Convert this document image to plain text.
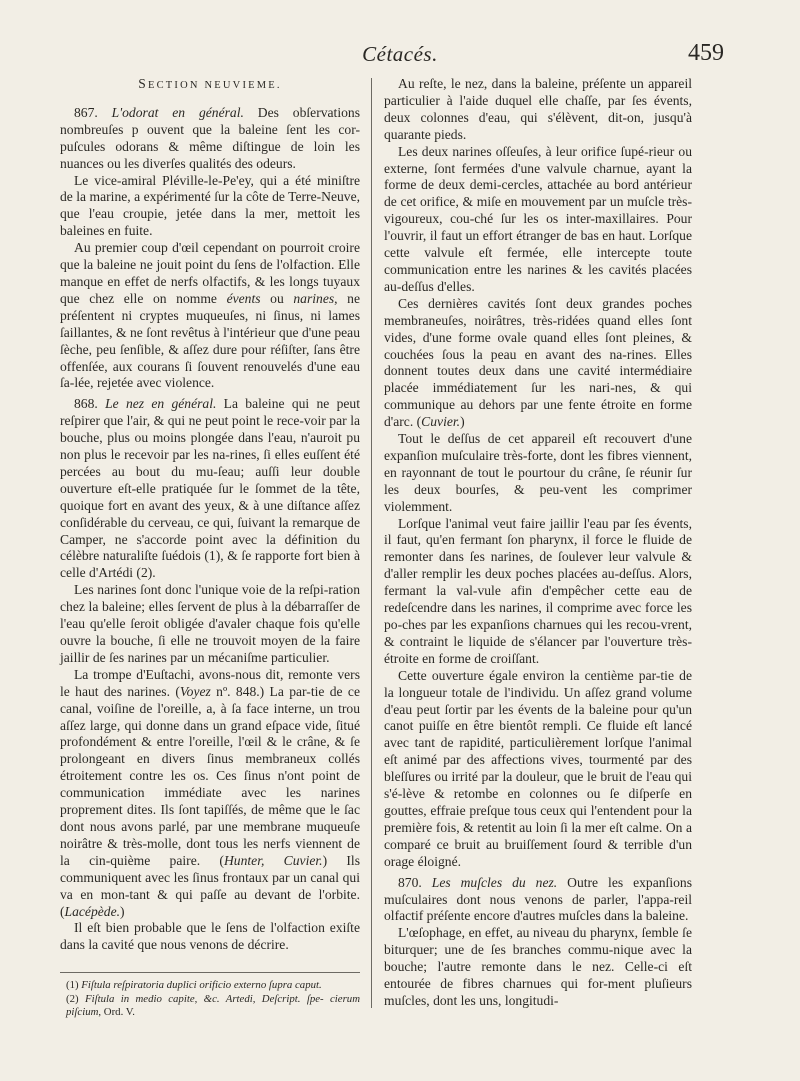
Cétacés.	459
SECTION NEUVIEME.

867. L'odorat en général. Des obſervations nombreuſes p ouvent que la baleine ſent les cor-puſcules odorans & même diſtingue de loin les nuances ou les diverſes qualités des odeurs.

Le vice-amiral Pléville-le-Pe'ey, qui a été miniſtre de la marine, a expérimenté ſur la côte de Terre-Neuve, que l'eau croupie, jetée dans la mer, mettoit les baleines en fuite.

Au premier coup d'œil cependant on pourroit croire que la baleine ne jouit point du ſens de l'olfaction. Elle manque en effet de nerfs olfactifs, & les longs tuyaux que chez elle on nomme évents ou narines, ne préſentent ni cryptes muqueuſes, ni ſinus, ni lames ſaillantes, & ne ſont revêtus à l'intérieur que d'une peau ſèche, peu ſenſible, & aſſez dure pour réſiſter, ſans être offenſée, aux courans ſi ſouvent renouvelés d'une eau ſa-lée, rejetée avec violence.

868. Le nez en général. La baleine qui ne peut reſpirer que l'air, & qui ne peut point le rece-voir par la bouche, plus ou moins plongée dans l'eau, n'auroit pu non plus le recevoir par les na-rines, ſi elles euſſent été percées au bout du mu-ſeau; auſſi leur double ouverture eſt-elle pratiquée ſur le ſommet de la tête, quoique fort en avant des yeux, & à une diſtance aſſez conſidérable du cerveau, ce qui, ſuivant la remarque de Camper, ne s'accorde point avec la définition du célèbre naturaliſte ſuédois (1), & ſe rapporte fort bien à celle d'Artédi (2).

Les narines ſont donc l'unique voie de la reſpi-ration chez la baleine; elles ſervent de plus à la débarraſſer de l'eau qu'elle ſeroit obligée d'avaler chaque fois qu'elle ouvre la bouche, ſi elle ne trouvoit moyen de la faire jaillir de ſes narines par un mécaniſme particulier.

La trompe d'Euſtachi, avons-nous dit, remonte vers le haut des narines. (Voyez nº. 848.) La par-tie de ce canal, voiſine de l'oreille, a, à ſa face interne, un trou aſſez large, qui donne dans un grand eſpace vide, ſitué profondément & entre l'oreille, l'œil & le crâne, & ſe prolongeant en divers ſinus membraneux collés étroitement contre les os. Ces ſinus n'ont point de communication immédiate avec les narines proprement dites. Ils ſont tapiſſés, de même que le ſac dont nous avons parlé, par une membrane muqueuſe noirâtre & très-molle, dont tous les nerfs viennent de la cin-quième paire. (Hunter, Cuvier.) Ils communiquent avec les ſinus frontaux par un canal qui va en mon-tant & qui paſſe au devant de l'orbite. (Lacépède.)

Il eſt bien probable que le ſens de l'olfaction exiſte dans la cavité que nous venons de décrire.

(1) Fiſtula reſpiratoria duplici orificio externo ſupra caput.

(2) Fiſtula in medio capite, &c. Artedi, Deſcript. ſpe- cierum piſcium, Ord. V.

Au reſte, le nez, dans la baleine, préſente un appareil particulier à l'aide duquel elle chaſſe, par ſes évents, deux colonnes d'eau, qui s'élèvent, dit-on, jusqu'à quarante pieds.

Les deux narines oſſeuſes, à leur orifice ſupé-rieur ou externe, ſont fermées d'une valvule charnue, ayant la forme de deux demi-cercles, attachée au bord antérieur de cet orifice, & miſe en mouvement par un muſcle très-vigoureux, cou-ché ſur les os inter-maxillaires. Pour l'ouvrir, il faut un effort étranger de bas en haut. Lorſque cette valvule eſt fermée, elle intercepte toute communication entre les narines & les cavités placées au-deſſus d'elles.

Ces dernières cavités ſont deux grandes poches membraneuſes, noirâtres, très-ridées quand elles ſont vides, d'une forme ovale quand elles ſont pleines, & couchées ſous la peau en avant des na-rines. Elles donnent toutes deux dans une cavité intermédiaire placée immédiatement ſur les nari-nes, & qui communique au dehors par une fente étroite en forme d'arc. (Cuvier.)

Tout le deſſus de cet appareil eſt recouvert d'une expanſion muſculaire très-forte, dont les fibres viennent, en rayonnant de tout le pourtour du crâne, ſe réunir ſur les deux bourſes, & peu-vent les comprimer violemment.

Lorſque l'animal veut faire jaillir l'eau par ſes évents, il faut, qu'en fermant ſon pharynx, il force le fluide de remonter dans ſes narines, de ſoulever leur valvule & d'aller remplir les deux poches placées au-deſſus. Alors, fermant la val-vule afin d'empêcher cette eau de redeſcendre dans les narines, il comprime avec force les po-ches par les expanſions charnues qui les recou-vrent, & contraint le liquide de s'élancer par l'ouverture très-étroite en forme de croiſſant.

Cette ouverture égale environ la centième par-tie de la longueur totale de l'individu. Un aſſez grand volume d'eau peut ſortir par les évents de la baleine pour qu'un canot puiſſe en être bientôt rempli. Ce fluide eſt lancé avec tant de rapidité, particulièrement lorſque l'animal eſt animé par des affections vives, tourmenté par des bleſſures ou irrité par la douleur, que le bruit de l'eau qui s'é-lève & retombe en colonnes ou ſe diſperſe en gouttes, effraie preſque tous ceux qui l'entendent pour la première fois, & retentit au loin ſi la mer eſt calme. On a comparé ce bruit au bruiſſement ſourd & terrible d'un orage éloigné.

870. Les muſcles du nez. Outre les expanſions muſculaires dont nous venons de parler, l'appa-reil olfactif préſente encore d'autres muſcles dans la baleine.

L'œſophage, en effet, au niveau du pharynx, ſemble ſe biturquer; une de ſes branches commu-nique avec la bouche; l'autre remonte dans le nez. Celle-ci eſt entourée de fibres charnues qui for-ment pluſieurs muſcles, dont les uns, longitudi-
